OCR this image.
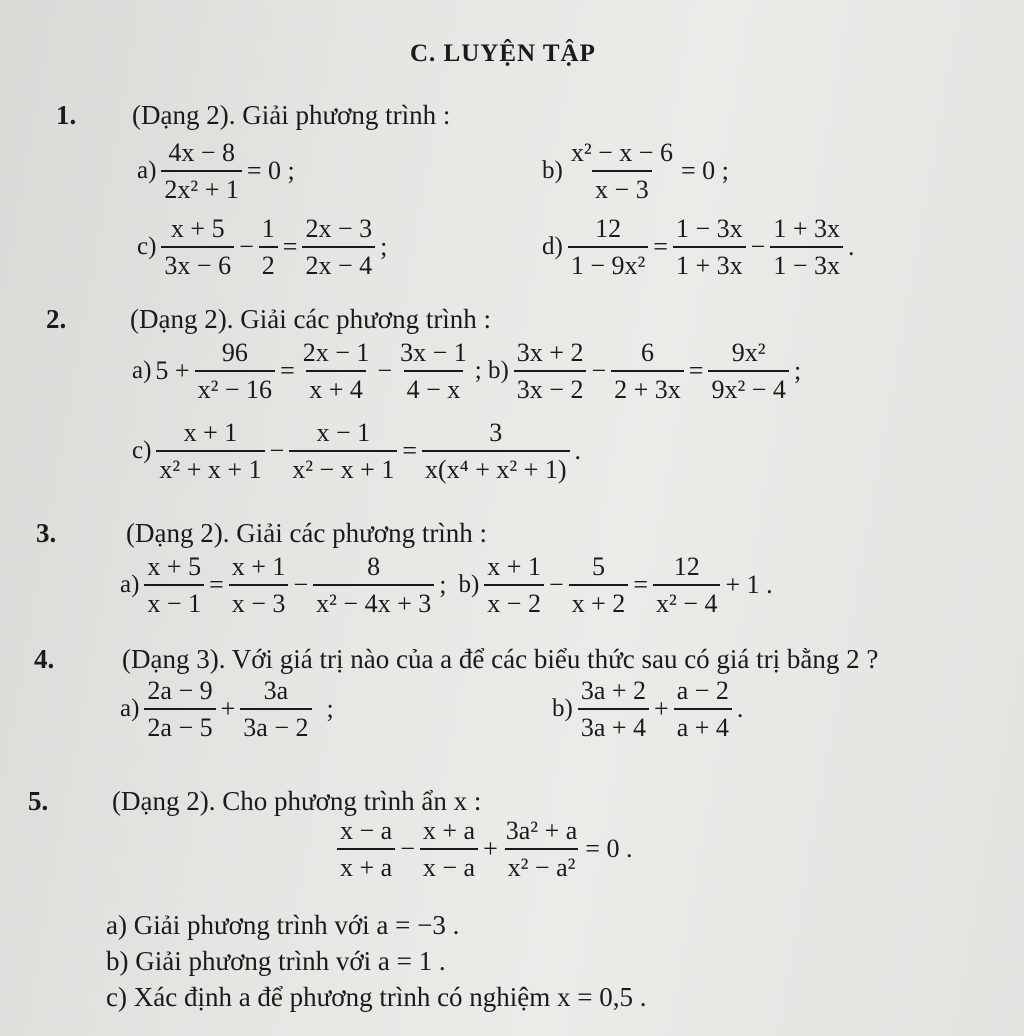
C. LUYỆN TẬP
1. (Dạng 2). Giải phương trình :
$a) \frac{4x - 8}{\text{2x² + 1}} = 0$ ;	$b) \frac{\text{x² − x − 6}}{x - 3} = 0$ ;
$c) \frac{x + 5}{3x - 6} - \frac{1}{2} = \frac{2x - 3}{2x - 4}$ ;	$d) \frac{12}{\text{1 − 9x²}} = \frac{1 - 3x}{1 + 3x} - \frac{1 + 3x}{1 - 3x}$ .
2. (Dạng 2). Giải các phương trình :
a) $5 + \frac{96}{\text{x² − 16}} = \frac{2x - 1}{x + 4} - \frac{3x - 1}{4 - x}$ ; $b) \frac{3x + 2}{3x - 2} - \frac{6}{2 + 3x} = \frac{\text{9x²}}{\text{9x² − 4}}$ ;
$c) \frac{x + 1}{\text{x² + x + 1}} - \frac{x - 1}{\text{x² − x + 1}} = \frac{3}{\text{x(x⁴ + x² + 1)}}$ .
3.	(Dạng 2). Giải các phương trình :
$a) \frac{x + 5}{x - 1} = \frac{x + 1}{x - 3} - \frac{8}{\text{x² − 4x + 3}}$ ; $b) \frac{x + 1}{x - 2} - \frac{5}{x + 2} = \frac{12}{\text{x² − 4}} + 1$ .
4.	(Dạng 3). Với giá trị nào của a để các biểu thức sau có giá trị bằng 2 ?
$a) \frac{2a - 9}{2a - 5} + \frac{3a}{3a - 2}$ ;	$b) \frac{3a + 2}{3a + 4} + \frac{a - 2}{a + 4}$ .
5. (Dạng 2). Cho phương trình ẩn x :
$\frac{x - a}{x + a} - \frac{x + a}{x - a} + \frac{\text{3a² + a}}{\text{x² − a²}} = 0$ .
a) Giải phương trình với a = −3 .
b) Giải phương trình với a = 1 .
c) Xác định a để phương trình có nghiệm x = 0,5 .
